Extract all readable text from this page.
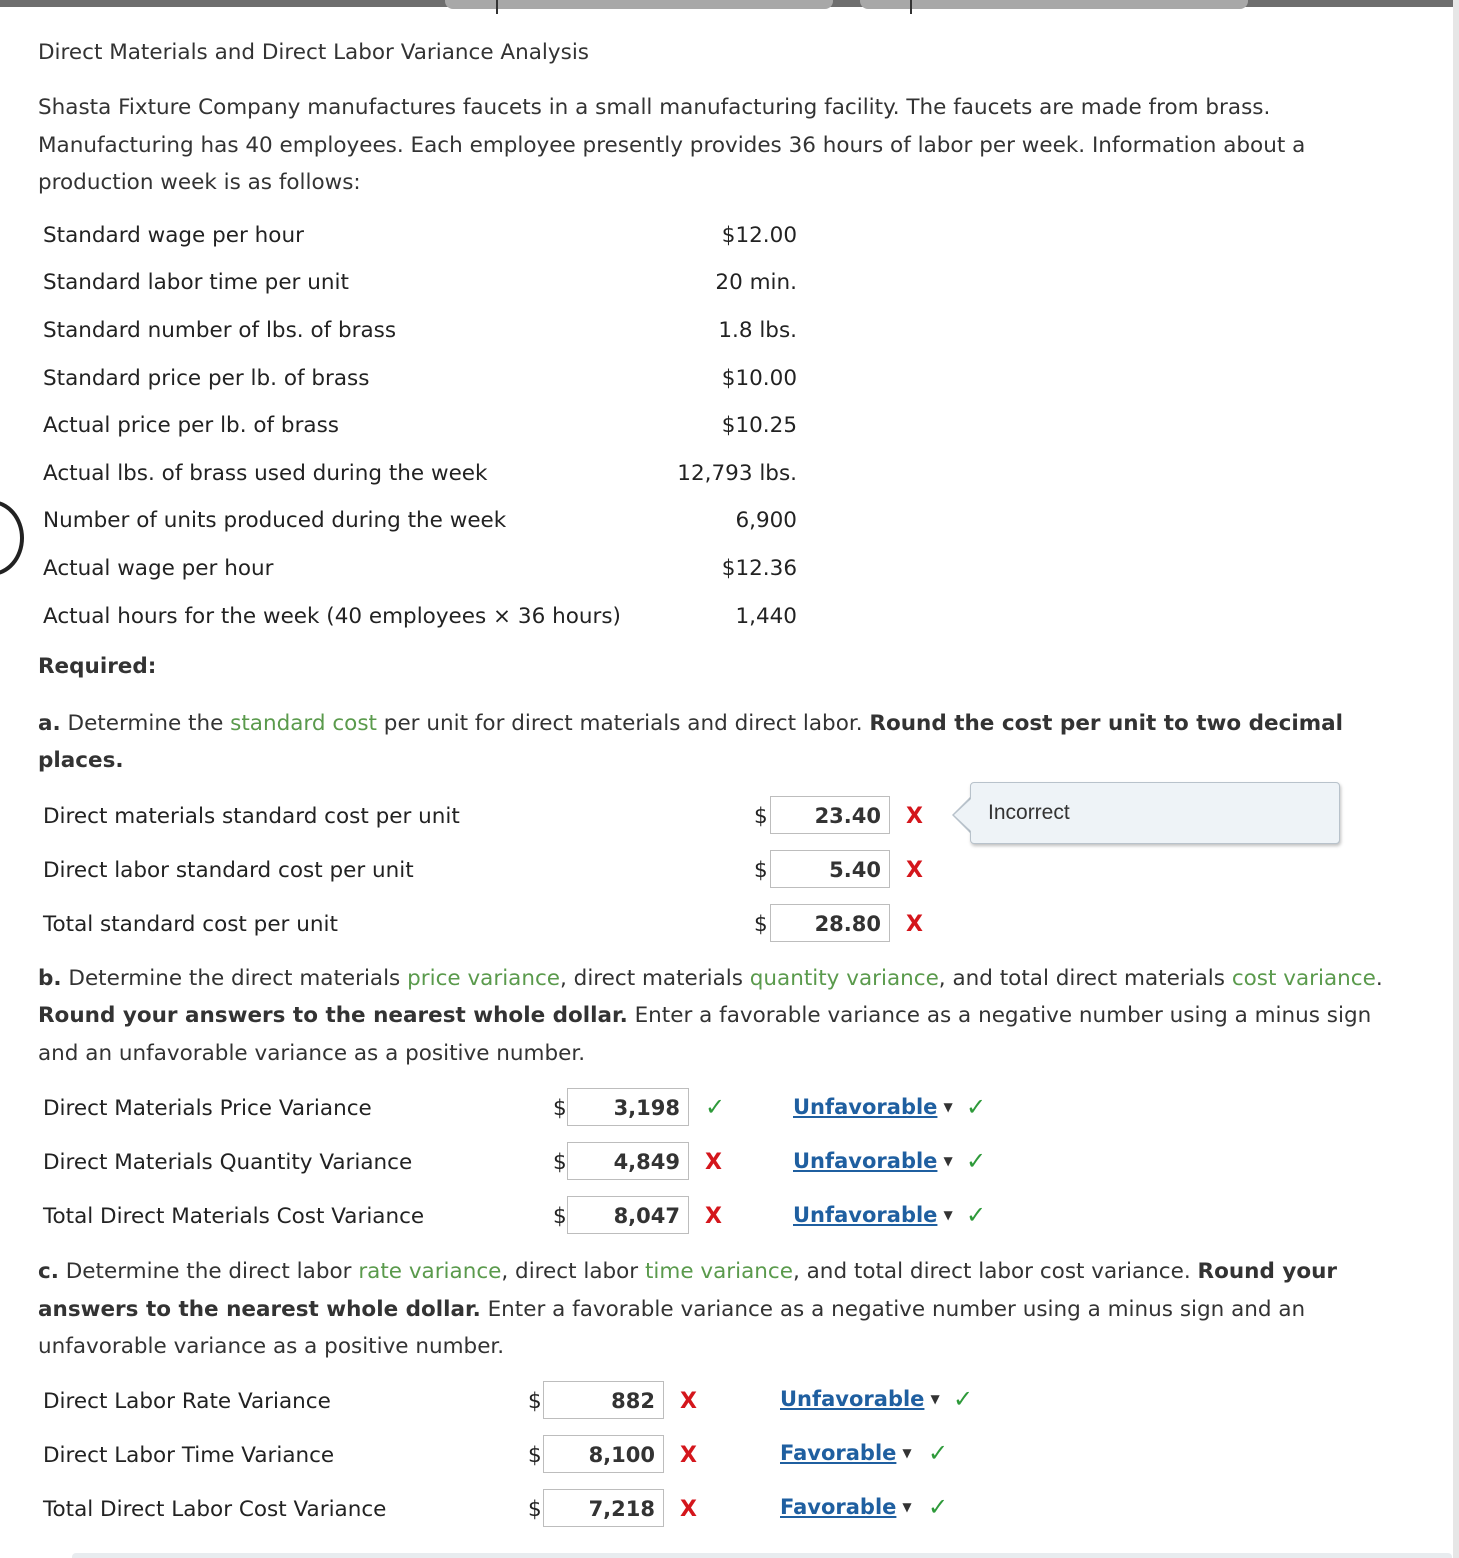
Direct Materials and Direct Labor Variance Analysis
Shasta Fixture Company manufactures faucets in a small manufacturing facility. The faucets are made from brass.
Manufacturing has 40 employees. Each employee presently provides 36 hours of labor per week. Information about a
production week is as follows:
Standard wage per hour	$12.00
Standard labor time per unit	20 min.
Standard number of lbs. of brass	1.8 lbs.
Standard price per lb. of brass	$10.00
Actual price per lb. of brass	$10.25
Actual lbs. of brass used during the week	12,793 lbs.
Number of units produced during the week	6,900
Actual wage per hour	$12.36
Actual hours for the week (40 employees × 36 hours)	1,440
Required:
a. Determine the standard cost per unit for direct materials and direct labor. Round the cost per unit to two decimal
places.
Direct materials standard cost per unit	$	23.40	X
Direct labor standard cost per unit	$	5.40	X
Total standard cost per unit	$	28.80	X
Incorrect
b. Determine the direct materials price variance, direct materials quantity variance, and total direct materials cost variance.
Round your answers to the nearest whole dollar. Enter a favorable variance as a negative number using a minus sign
and an unfavorable variance as a positive number.
Direct Materials Price Variance	$	3,198	✓	Unfavorable ▼ ✓
Direct Materials Quantity Variance	$	4,849	X	Unfavorable ▼ ✓
Total Direct Materials Cost Variance	$	8,047	X	Unfavorable ▼ ✓
c. Determine the direct labor rate variance, direct labor time variance, and total direct labor cost variance. Round your
answers to the nearest whole dollar. Enter a favorable variance as a negative number using a minus sign and an
unfavorable variance as a positive number.
Direct Labor Rate Variance	$	882	X	Unfavorable ▼ ✓
Direct Labor Time Variance	$	8,100	X	Favorable ▼ ✓
Total Direct Labor Cost Variance	$	7,218	X	Favorable ▼ ✓
